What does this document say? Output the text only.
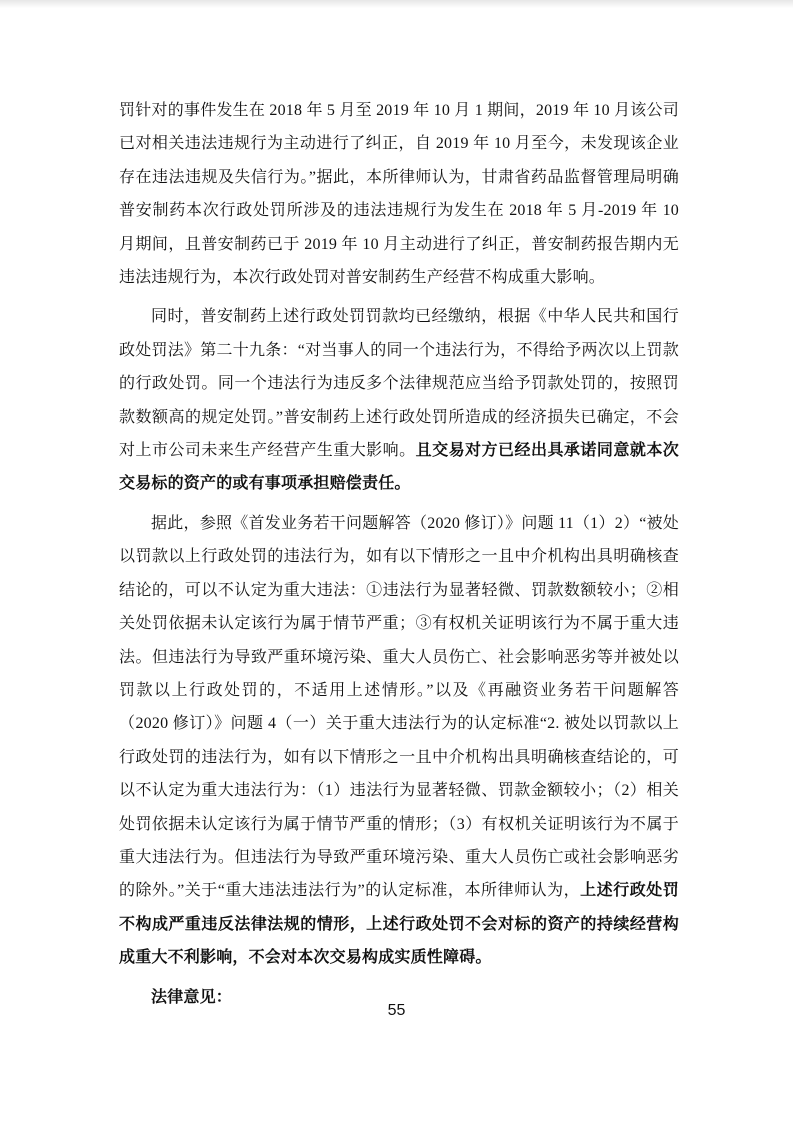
罚针对的事件发生在 2018 年 5 月至 2019 年 10 月 1 期间，2019 年 10 月该公司已对相关违法违规行为主动进行了纠正，自 2019 年 10 月至今，未发现该企业存在违法违规及失信行为。”据此，本所律师认为，甘肃省药品监督管理局明确普安制药本次行政处罚所涉及的违法违规行为发生在 2018 年 5 月-2019 年 10 月期间，且普安制药已于 2019 年 10 月主动进行了纠正，普安制药报告期内无违法违规行为，本次行政处罚对普安制药生产经营不构成重大影响。

同时，普安制药上述行政处罚罚款均已经缴纳，根据《中华人民共和国行政处罚法》第二十九条：“对当事人的同一个违法行为，不得给予两次以上罚款的行政处罚。同一个违法行为违反多个法律规范应当给予罚款处罚的，按照罚款数额高的规定处罚。”普安制药上述行政处罚所造成的经济损失已确定，不会对上市公司未来生产经营产生重大影响。且交易对方已经出具承诺同意就本次交易标的资产的或有事项承担赔偿责任。

据此，参照《首发业务若干问题解答（2020 修订）》问题 11（1）2）“被处以罚款以上行政处罚的违法行为，如有以下情形之一且中介机构出具明确核查结论的，可以不认定为重大违法：①违法行为显著轻微、罚款数额较小；②相关处罚依据未认定该行为属于情节严重；③有权机关证明该行为不属于重大违法。但违法行为导致严重环境污染、重大人员伤亡、社会影响恶劣等并被处以罚款以上行政处罚的，不适用上述情形。”以及《再融资业务若干问题解答（2020 修订）》问题 4（一）关于重大违法行为的认定标准“2. 被处以罚款以上行政处罚的违法行为，如有以下情形之一且中介机构出具明确核查结论的，可以不认定为重大违法行为：（1）违法行为显著轻微、罚款金额较小；（2）相关处罚依据未认定该行为属于情节严重的情形；（3）有权机关证明该行为不属于重大违法行为。但违法行为导致严重环境污染、重大人员伤亡或社会影响恶劣的除外。”关于“重大违法违法行为”的认定标准，本所律师认为，上述行政处罚不构成严重违反法律法规的情形，上述行政处罚不会对标的资产的持续经营构成重大不利影响，不会对本次交易构成实质性障碍。

法律意见：

55
